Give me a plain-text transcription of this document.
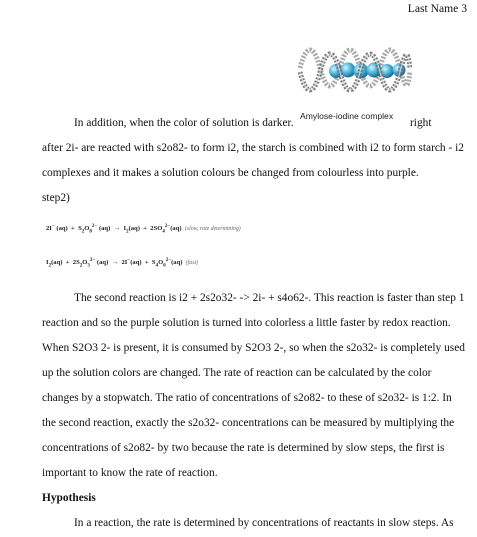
Last Name 3
Amylose-iodine complex
In addition, when the color of solution is darker.	right
after 2i- are reacted with s2o82- to form i2, the starch is combined with i2 to form starch - i2
complexes and it makes a solution colours be changed from colourless into purple.
step2)
2I− $(aq) + S_2O_8^{2-}$ $(aq) \to I_2(aq) + 2SO_4^{2-}(aq)$ (slow, rate determining)
$I_2(aq) + 2S_2O_3^{2-}$ $(aq) \to 2I^-(aq) + S_4O_6^{2-}(aq)$ (fast)
The second reaction is i2 + 2s2o32- -> 2i- + s4o62-. This reaction is faster than step 1
reaction and so the purple solution is turned into colorless a little faster by redox reaction.
When S2O3 2- is present, it is consumed by S2O3 2-, so when the s2o32- is completely used
up the solution colors are changed. The rate of reaction can be calculated by the color
changes by a stopwatch. The ratio of concentrations of s2o82- to these of s2o32- is 1:2. In
the second reaction, exactly the s2o32- concentrations can be measured by multiplying the
concentrations of s2o82- by two because the rate is determined by slow steps, the first is
important to know the rate of reaction.
Hypothesis
In a reaction, the rate is determined by concentrations of reactants in slow steps. As
